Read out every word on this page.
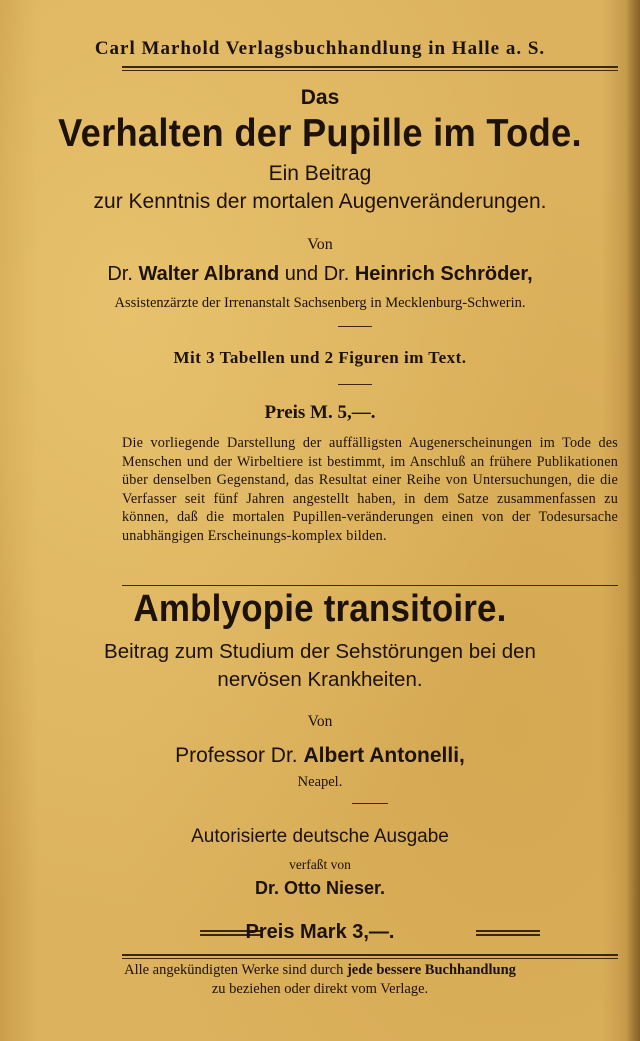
Carl Marhold Verlagsbuchhandlung in Halle a. S.
Das
Verhalten der Pupille im Tode.
Ein Beitrag
zur Kenntnis der mortalen Augenveränderungen.
Von
Dr. Walter Albrand und Dr. Heinrich Schröder,
Assistenzärzte der Irrenanstalt Sachsenberg in Mecklenburg-Schwerin.
Mit 3 Tabellen und 2 Figuren im Text.
Preis M. 5,—.

Die vorliegende Darstellung der auffälligsten Augenerscheinungen im Tode des Menschen und der Wirbeltiere ist bestimmt, im Anschluß an frühere Publikationen über denselben Gegenstand, das Resultat einer Reihe von Untersuchungen, die die Verfasser seit fünf Jahren angestellt haben, in dem Satze zusammenfassen zu können, daß die mortalen Pupillen-veränderungen einen von der Todesursache unabhängigen Erscheinungs-komplex bilden.

Amblyopie transitoire.
Beitrag zum Studium der Sehstörungen bei den
nervösen Krankheiten.
Von
Professor Dr. Albert Antonelli,
Neapel.
Autorisierte deutsche Ausgabe
verfaßt von
Dr. Otto Nieser.
Preis Mark 3,—.
Alle angekündigten Werke sind durch jede bessere Buchhandlung
zu beziehen oder direkt vom Verlage.
